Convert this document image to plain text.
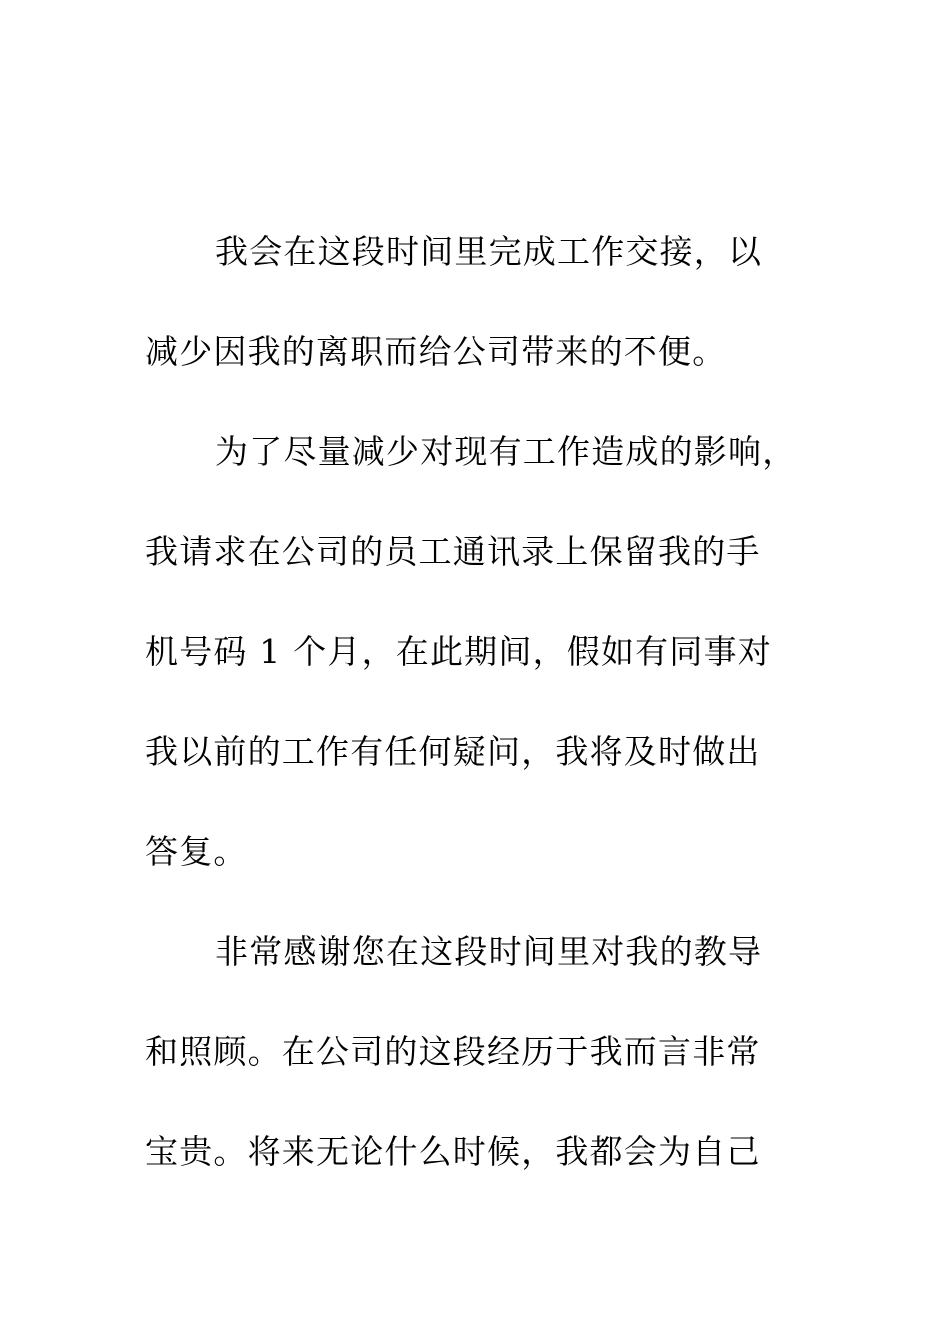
我会在这段时间里完成工作交接，以
减少因我的离职而给公司带来的不便。
为了尽量减少对现有工作造成的影响，
我请求在公司的员工通讯录上保留我的手
机号码 1 个月，在此期间，假如有同事对
我以前的工作有任何疑问，我将及时做出
答复。
非常感谢您在这段时间里对我的教导
和照顾。在公司的这段经历于我而言非常
宝贵。将来无论什么时候，我都会为自己
